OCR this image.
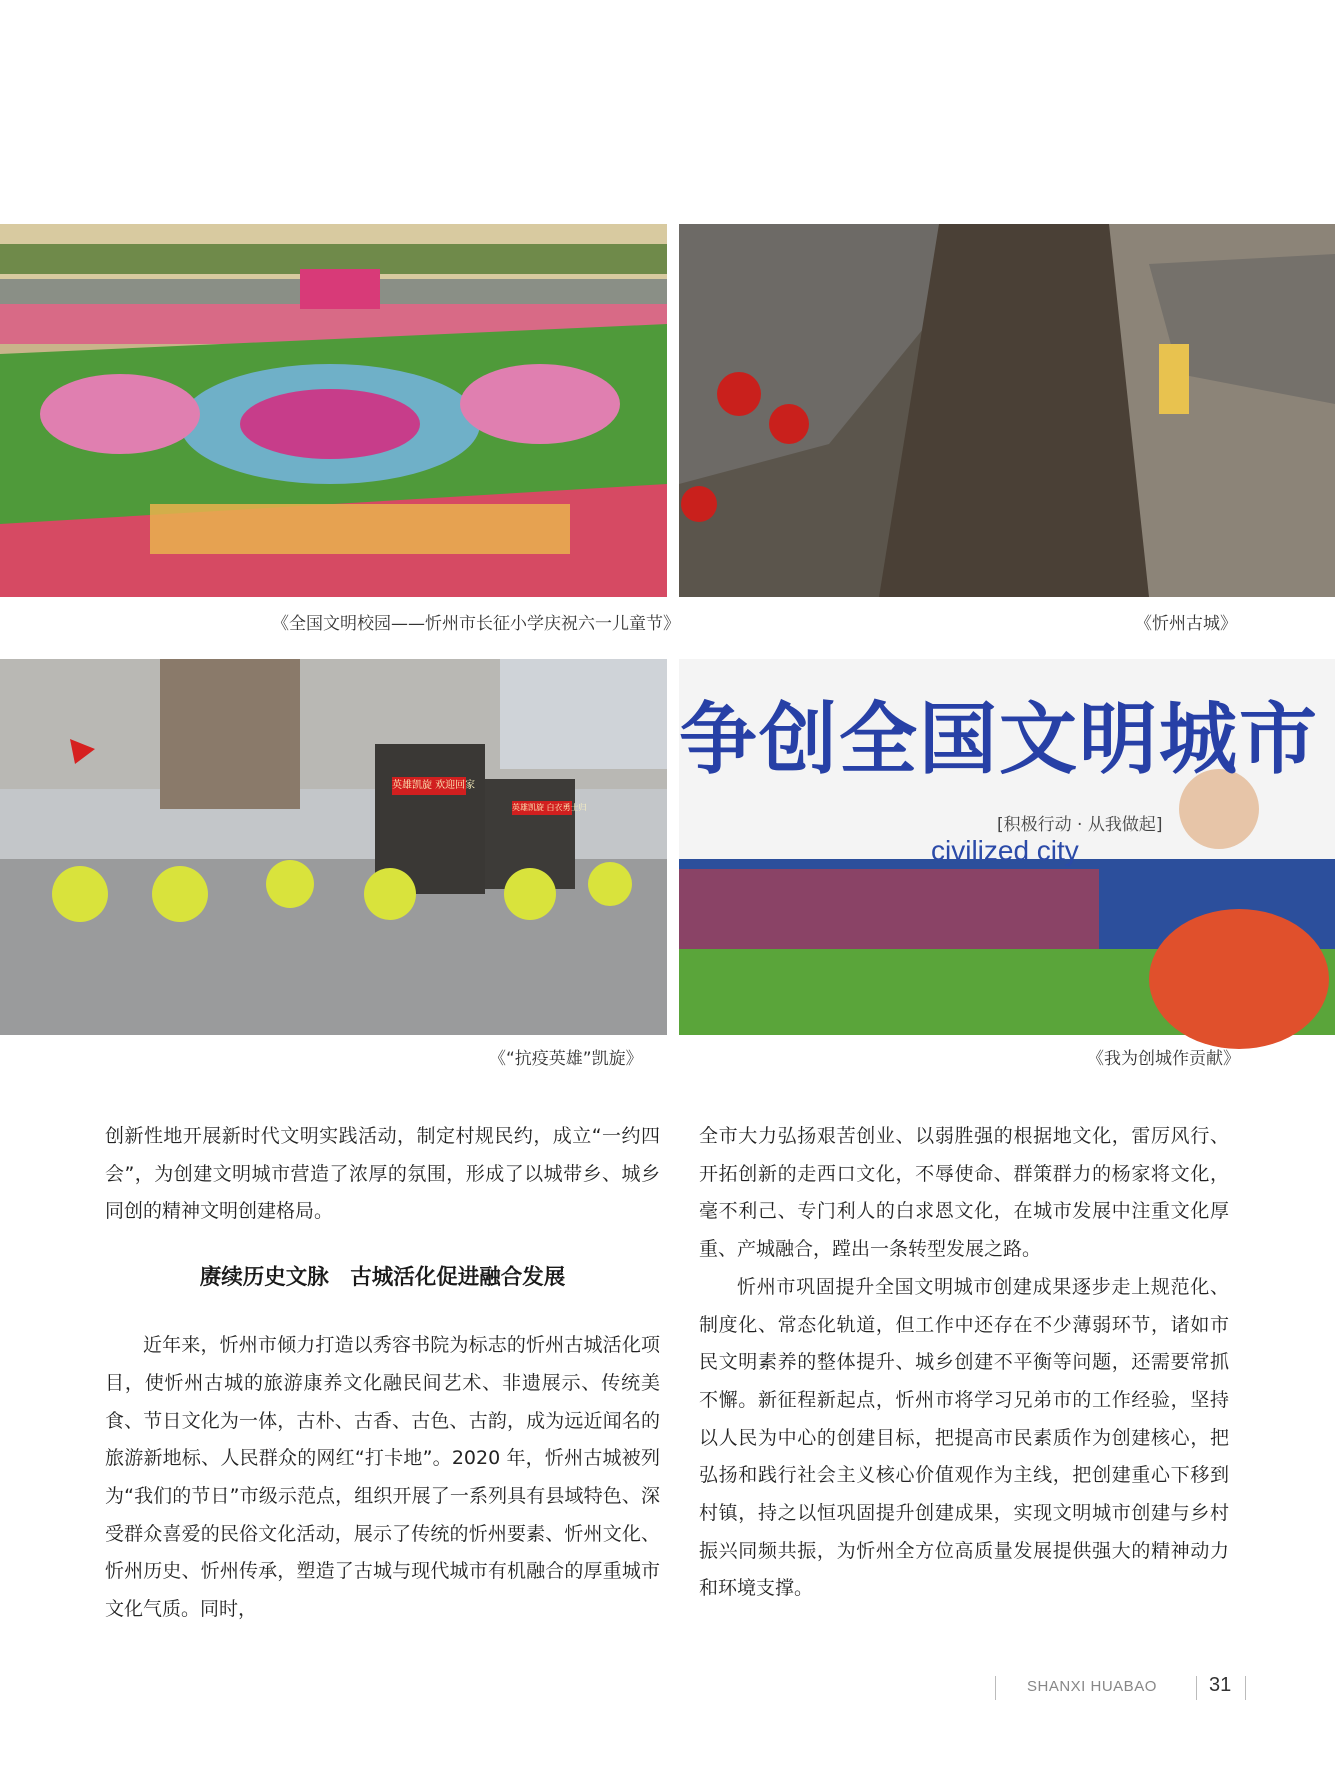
《全国文明校园——忻州市长征小学庆祝六一儿童节》	《忻州古城》
英雄凯旋 欢迎回家
英雄凯旋 白衣勇士归
《“抗疫英雄”凯旋》
争创全国文明城市
[积极行动 · 从我做起]
civilized city
《我为创城作贡献》

创新性地开展新时代文明实践活动，制定村规民约，成立“一约四会”，为创建文明城市营造了浓厚的氛围，形成了以城带乡、城乡同创的精神文明创建格局。

赓续历史文脉　古城活化促进融合发展

近年来，忻州市倾力打造以秀容书院为标志的忻州古城活化项目，使忻州古城的旅游康养文化融民间艺术、非遗展示、传统美食、节日文化为一体，古朴、古香、古色、古韵，成为远近闻名的旅游新地标、人民群众的网红“打卡地”。2020 年，忻州古城被列为“我们的节日”市级示范点，组织开展了一系列具有县域特色、深受群众喜爱的民俗文化活动，展示了传统的忻州要素、忻州文化、忻州历史、忻州传承，塑造了古城与现代城市有机融合的厚重城市文化气质。同时，

全市大力弘扬艰苦创业、以弱胜强的根据地文化，雷厉风行、开拓创新的走西口文化，不辱使命、群策群力的杨家将文化，毫不利己、专门利人的白求恩文化，在城市发展中注重文化厚重、产城融合，蹚出一条转型发展之路。

忻州市巩固提升全国文明城市创建成果逐步走上规范化、制度化、常态化轨道，但工作中还存在不少薄弱环节，诸如市民文明素养的整体提升、城乡创建不平衡等问题，还需要常抓不懈。新征程新起点，忻州市将学习兄弟市的工作经验，坚持以人民为中心的创建目标，把提高市民素质作为创建核心，把弘扬和践行社会主义核心价值观作为主线，把创建重心下移到村镇，持之以恒巩固提升创建成果，实现文明城市创建与乡村振兴同频共振，为忻州全方位高质量发展提供强大的精神动力和环境支撑。

SHANXI HUABAO	31
